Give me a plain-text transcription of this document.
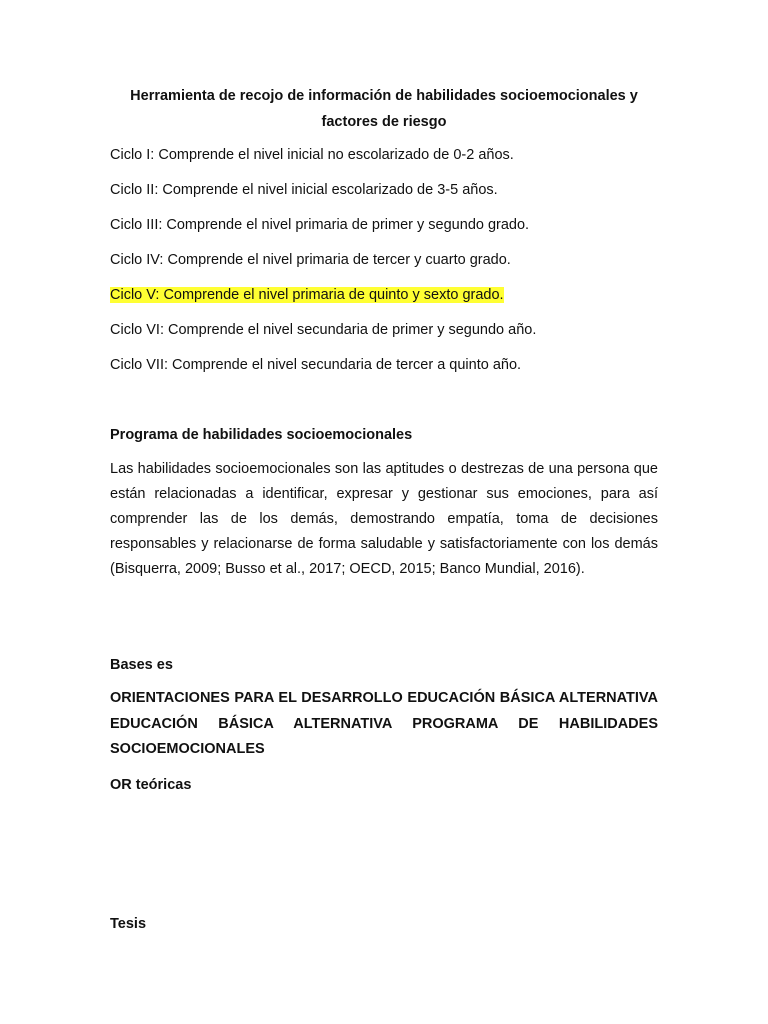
Herramienta de recojo de información de habilidades socioemocionales y factores de riesgo
Ciclo I: Comprende el nivel inicial no escolarizado de 0-2 años.
Ciclo II: Comprende el nivel inicial escolarizado de 3-5 años.
Ciclo III: Comprende el nivel primaria de primer y segundo grado.
Ciclo IV: Comprende el nivel primaria de tercer y cuarto grado.
Ciclo V: Comprende el nivel primaria de quinto y sexto grado.
Ciclo VI: Comprende el nivel secundaria de primer y segundo año.
Ciclo VII: Comprende el nivel secundaria de tercer a quinto año.
Programa de habilidades socioemocionales
Las habilidades socioemocionales son las aptitudes o destrezas de una persona que están relacionadas a identificar, expresar y gestionar sus emociones, para así comprender las de los demás, demostrando empatía, toma de decisiones responsables y relacionarse de forma saludable y satisfactoriamente con los demás (Bisquerra, 2009; Busso et al., 2017; OECD, 2015; Banco Mundial, 2016).
Bases es
ORIENTACIONES PARA EL DESARROLLO EDUCACIÓN BÁSICA ALTERNATIVA EDUCACIÓN BÁSICA ALTERNATIVA PROGRAMA DE HABILIDADES SOCIOEMOCIONALES
OR teóricas
Tesis
